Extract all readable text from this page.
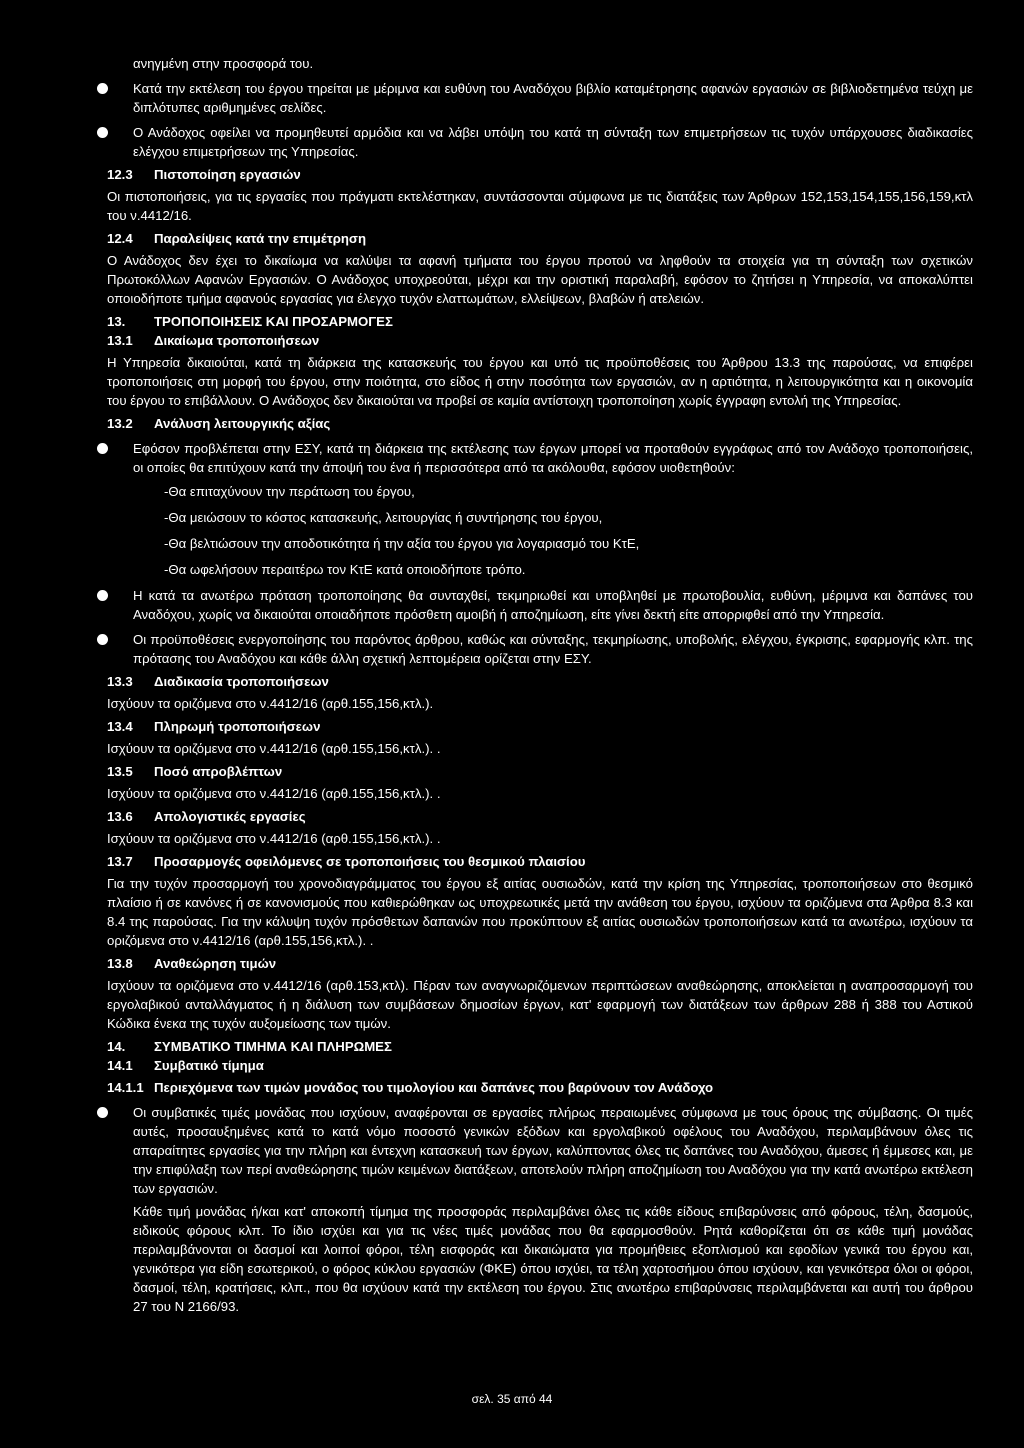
ανηγμένη στην προσφορά του.

Κατά την εκτέλεση του έργου τηρείται με μέριμνα και ευθύνη του Αναδόχου βιβλίο καταμέτρησης αφανών εργασιών σε βιβλιοδετημένα τεύχη με διπλότυπες αριθμημένες σελίδες.
Ο Ανάδοχος οφείλει να προμηθευτεί αρμόδια και να λάβει υπόψη του κατά τη σύνταξη των επιμετρήσεων τις τυχόν υπάρχουσες διαδικασίες ελέγχου επιμετρήσεων της Υπηρεσίας.
12.3	Πιστοποίηση εργασιών

Οι πιστοποιήσεις, για τις εργασίες που πράγματι εκτελέστηκαν, συντάσσονται σύμφωνα με τις διατάξεις των Άρθρων 152,153,154,155,156,159,κτλ του ν.4412/16.

12.4	Παραλείψεις κατά την επιμέτρηση

Ο Ανάδοχος δεν έχει το δικαίωμα να καλύψει τα αφανή τμήματα του έργου προτού να ληφθούν τα στοιχεία για τη σύνταξη των σχετικών Πρωτοκόλλων Αφανών Εργασιών. Ο Ανάδοχος υποχρεούται, μέχρι και την οριστική παραλαβή, εφόσον το ζητήσει η Υπηρεσία, να αποκαλύπτει οποιοδήποτε τμήμα αφανούς εργασίας για έλεγχο τυχόν ελαττωμάτων, ελλείψεων, βλαβών ή ατελειών.

13.	ΤΡΟΠΟΠΟΙΗΣΕΙΣ ΚΑΙ ΠΡΟΣΑΡΜΟΓΕΣ
13.1	Δικαίωμα τροποποιήσεων

Η Υπηρεσία δικαιούται, κατά τη διάρκεια της κατασκευής του έργου και υπό τις προϋποθέσεις του Άρθρου 13.3 της παρούσας, να επιφέρει τροποποιήσεις στη μορφή του έργου, στην ποιότητα, στο είδος ή στην ποσότητα των εργασιών, αν η αρτιότητα, η λειτουργικότητα και η οικονομία του έργου το επιβάλλουν. Ο Ανάδοχος δεν δικαιούται να προβεί σε καμία αντίστοιχη τροποποίηση χωρίς έγγραφη εντολή της Υπηρεσίας.

13.2	Ανάλυση λειτουργικής αξίας
Εφόσον προβλέπεται στην ΕΣΥ, κατά τη διάρκεια της εκτέλεσης των έργων μπορεί να προταθούν εγγράφως από τον Ανάδοχο τροποποιήσεις, οι οποίες θα επιτύχουν κατά την άποψή του ένα ή περισσότερα από τα ακόλουθα, εφόσον υιοθετηθούν:

-Θα επιταχύνουν την περάτωση του έργου,

-Θα μειώσουν το κόστος κατασκευής, λειτουργίας ή συντήρησης του έργου,

-Θα βελτιώσουν την αποδοτικότητα ή την αξία του έργου για λογαριασμό του ΚτΕ,

-Θα ωφελήσουν περαιτέρω τον ΚτΕ κατά οποιοδήποτε τρόπο.

Η κατά τα ανωτέρω πρόταση τροποποίησης θα συνταχθεί, τεκμηριωθεί και υποβληθεί με πρωτοβουλία, ευθύνη, μέριμνα και δαπάνες του Αναδόχου, χωρίς να δικαιούται οποιαδήποτε πρόσθετη αμοιβή ή αποζημίωση, είτε γίνει δεκτή είτε απορριφθεί από την Υπηρεσία.
Οι προϋποθέσεις ενεργοποίησης του παρόντος άρθρου, καθώς και σύνταξης, τεκμηρίωσης, υποβολής, ελέγχου, έγκρισης, εφαρμογής κλπ. της πρότασης του Αναδόχου και κάθε άλλη σχετική λεπτομέρεια ορίζεται στην ΕΣΥ.
13.3	Διαδικασία τροποποιήσεων

Ισχύουν τα οριζόμενα στο ν.4412/16 (αρθ.155,156,κτλ.).

13.4	Πληρωμή τροποποιήσεων

Ισχύουν τα οριζόμενα στο ν.4412/16 (αρθ.155,156,κτλ.). .

13.5	Ποσό απροβλέπτων

Ισχύουν τα οριζόμενα στο ν.4412/16 (αρθ.155,156,κτλ.). .

13.6	Απολογιστικές εργασίες

Ισχύουν τα οριζόμενα στο ν.4412/16 (αρθ.155,156,κτλ.). .

13.7	Προσαρμογές οφειλόμενες σε τροποποιήσεις του θεσμικού πλαισίου

Για την τυχόν προσαρμογή του χρονοδιαγράμματος του έργου εξ αιτίας ουσιωδών, κατά την κρίση της Υπηρεσίας, τροποποιήσεων στο θεσμικό πλαίσιο ή σε κανόνες ή σε κανονισμούς που καθιερώθηκαν ως υποχρεωτικές μετά την ανάθεση του έργου, ισχύουν τα οριζόμενα στα Άρθρα 8.3 και 8.4 της παρούσας. Για την κάλυψη τυχόν πρόσθετων δαπανών που προκύπτουν εξ αιτίας ουσιωδών τροποποιήσεων κατά τα ανωτέρω, ισχύουν τα οριζόμενα στο ν.4412/16 (αρθ.155,156,κτλ.). .

13.8	Αναθεώρηση τιμών

Ισχύουν τα οριζόμενα στο ν.4412/16 (αρθ.153,κτλ). Πέραν των αναγνωριζόμενων περιπτώσεων αναθεώρησης, αποκλείεται η αναπροσαρμογή του εργολαβικού ανταλλάγματος ή η διάλυση των συμβάσεων δημοσίων έργων, κατ' εφαρμογή των διατάξεων των άρθρων 288 ή 388 του Αστικού Κώδικα ένεκα της τυχόν αυξομείωσης των τιμών.

14.	ΣΥΜΒΑΤΙΚΟ ΤΙΜΗΜΑ ΚΑΙ ΠΛΗΡΩΜΕΣ
14.1	Συμβατικό τίμημα
14.1.1 Περιεχόμενα των τιμών μονάδος του τιμολογίου και δαπάνες που βαρύνουν τον Ανάδοχο
Οι συμβατικές τιμές μονάδας που ισχύουν, αναφέρονται σε εργασίες πλήρως περαιωμένες σύμφωνα με τους όρους της σύμβασης. Οι τιμές αυτές, προσαυξημένες κατά το κατά νόμο ποσοστό γενικών εξόδων και εργολαβικού οφέλους του Αναδόχου, περιλαμβάνουν όλες τις απαραίτητες εργασίες για την πλήρη και έντεχνη κατασκευή των έργων, καλύπτοντας όλες τις δαπάνες του Αναδόχου, άμεσες ή έμμεσες και, με την επιφύλαξη των περί αναθεώρησης τιμών κειμένων διατάξεων, αποτελούν πλήρη αποζημίωση του Αναδόχου για την κατά ανωτέρω εκτέλεση των εργασιών.

Κάθε τιμή μονάδας ή/και κατ' αποκοπή τίμημα της προσφοράς περιλαμβάνει όλες τις κάθε είδους επιβαρύνσεις από φόρους, τέλη, δασμούς, ειδικούς φόρους κλπ. Το ίδιο ισχύει και για τις νέες τιμές μονάδας που θα εφαρμοσθούν. Ρητά καθορίζεται ότι σε κάθε τιμή μονάδας περιλαμβάνονται οι δασμοί και λοιποί φόροι, τέλη εισφοράς και δικαιώματα για προμήθειες εξοπλισμού και εφοδίων γενικά του έργου και, γενικότερα για είδη εσωτερικού, ο φόρος κύκλου εργασιών (ΦΚΕ) όπου ισχύει, τα τέλη χαρτοσήμου όπου ισχύουν, και γενικότερα όλοι οι φόροι, δασμοί, τέλη, κρατήσεις, κλπ., που θα ισχύουν κατά την εκτέλεση του έργου. Στις ανωτέρω επιβαρύνσεις περιλαμβάνεται και αυτή του άρθρου 27 του Ν 2166/93.

σελ. 35 από 44
